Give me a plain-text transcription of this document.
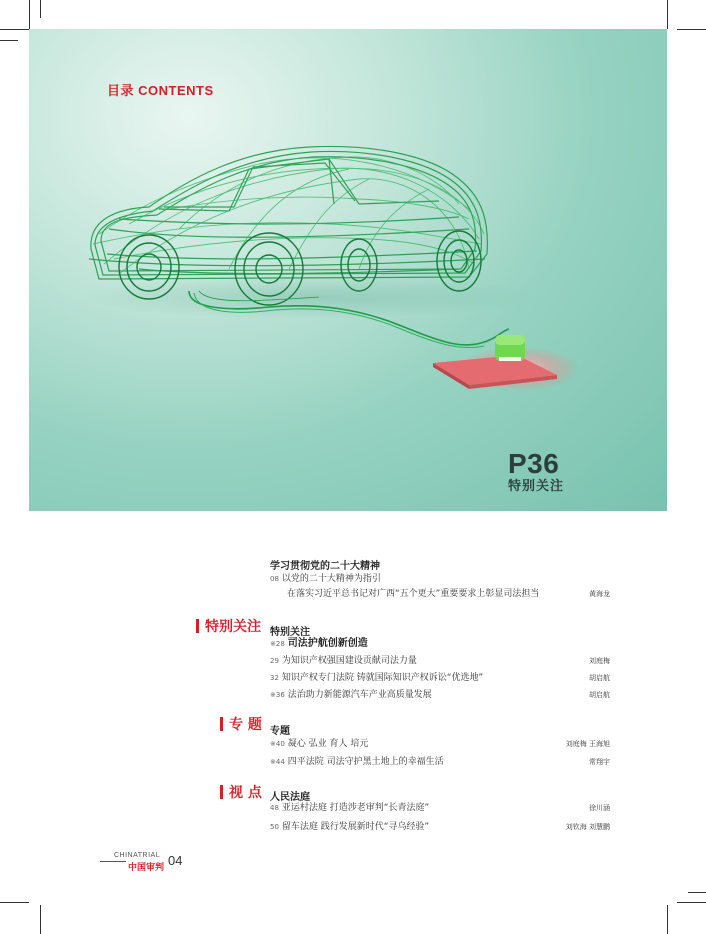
目录 CONTENTS
P36
特别关注
学习贯彻党的二十大精神
08 以党的二十大精神为指引
在落实习近平总书记对广西“五个更大”重要要求上彰显司法担当	黄海龙
特别关注 特别关注
※28 司法护航创新创造
29 为知识产权强国建设贡献司法力量	刘庭梅
32 知识产权专门法院 铸就国际知识产权诉讼“优选地”	胡启航
※36 法治助力新能源汽车产业高质量发展	胡启航
专 题 专题
※40 凝心 弘业 育人 培元	刘庭梅 王海旭
※44 四平法院 司法守护黑土地上的幸福生活	常翔宇
视 点 人民法庭
48 亚运村法庭 打造涉老审判“长青法庭”	徐川涵
50 留车法庭 践行发展新时代“寻乌经验”	刘钦海 刘慧鹏
CHINATRIAL
中国审判 04
